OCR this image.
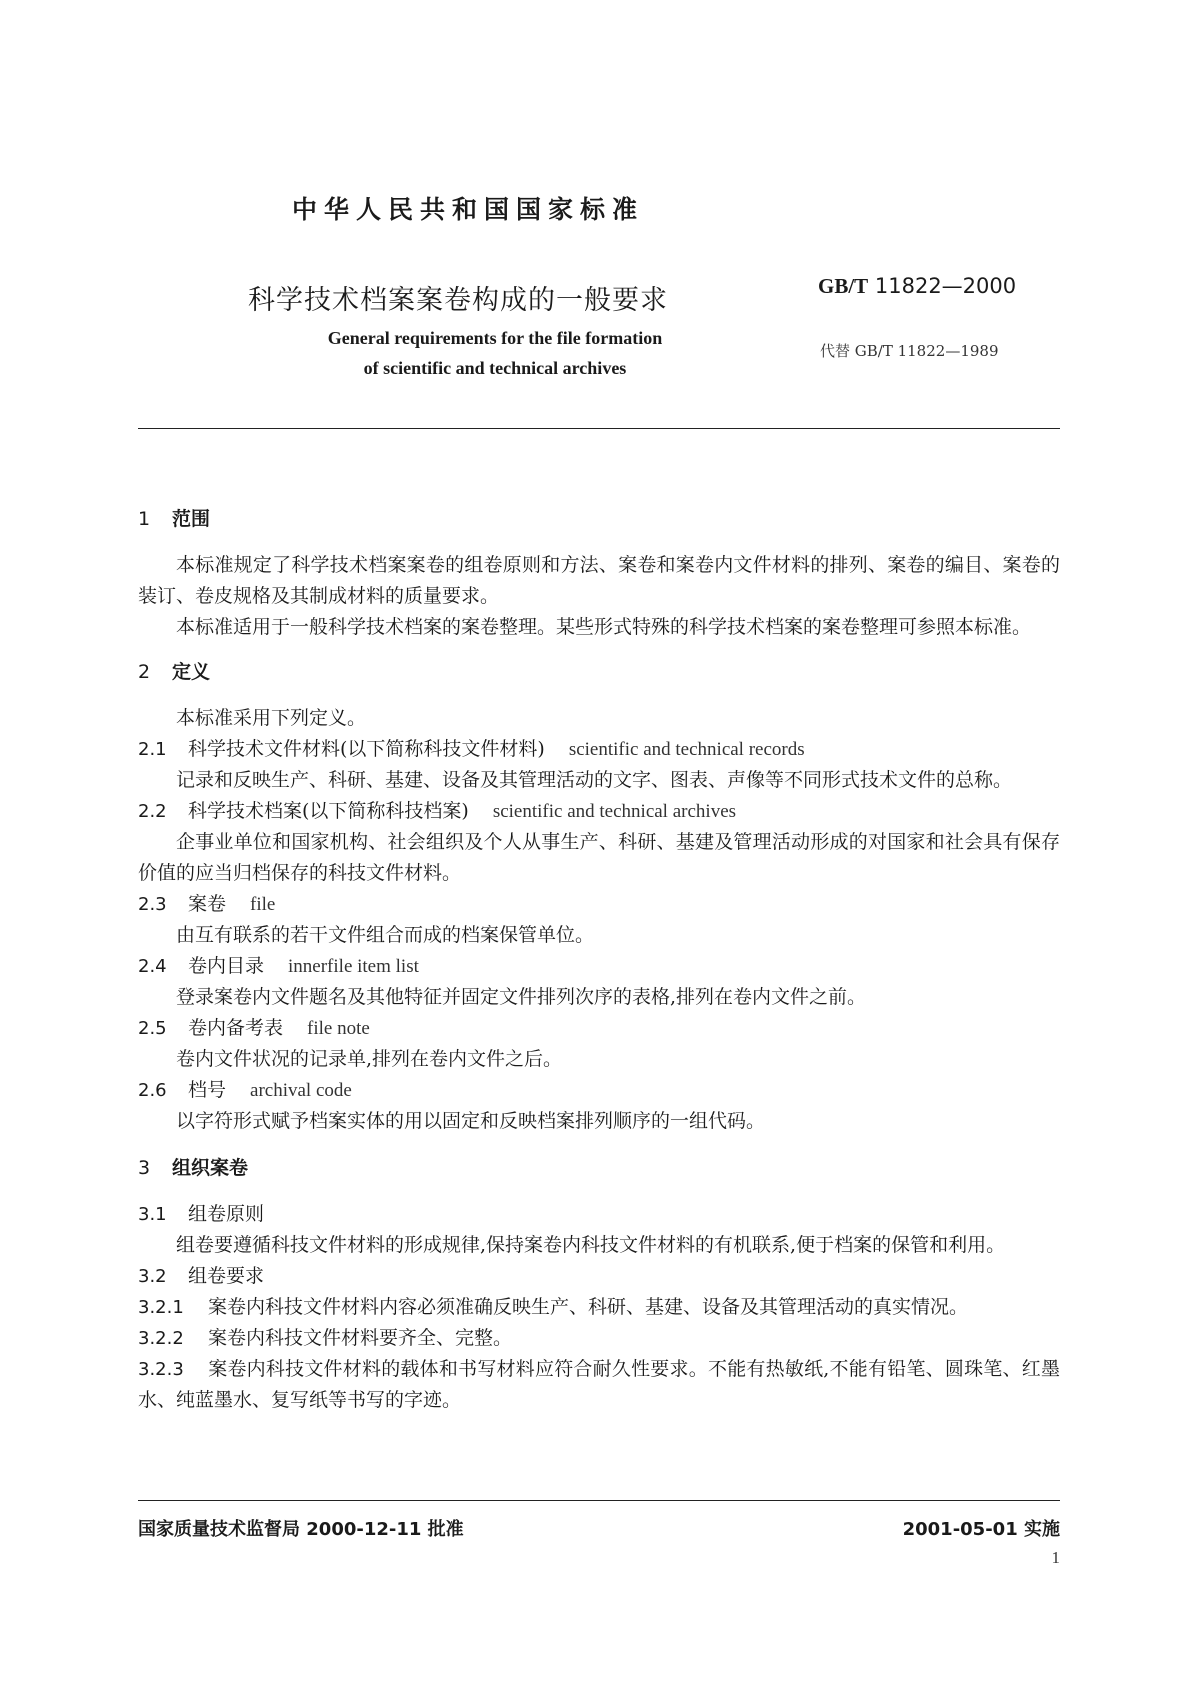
中华人民共和国国家标准
科学技术档案案卷构成的一般要求	GB/T 11822—2000
General requirements for the file formation
of scientific and technical archives
代替 GB/T 11822—1989
1 范围
本标准规定了科学技术档案案卷的组卷原则和方法、案卷和案卷内文件材料的排列、案卷的编目、案卷的装订、卷皮规格及其制成材料的质量要求。
本标准适用于一般科学技术档案的案卷整理。某些形式特殊的科学技术档案的案卷整理可参照本标准。
2 定义
本标准采用下列定义。
2.1 科学技术文件材料(以下简称科技文件材料) scientific and technical records
记录和反映生产、科研、基建、设备及其管理活动的文字、图表、声像等不同形式技术文件的总称。
2.2 科学技术档案(以下简称科技档案) scientific and technical archives
企事业单位和国家机构、社会组织及个人从事生产、科研、基建及管理活动形成的对国家和社会具有保存价值的应当归档保存的科技文件材料。
2.3 案卷 file
由互有联系的若干文件组合而成的档案保管单位。
2.4 卷内目录 innerfile item list
登录案卷内文件题名及其他特征并固定文件排列次序的表格,排列在卷内文件之前。
2.5 卷内备考表 file note
卷内文件状况的记录单,排列在卷内文件之后。
2.6 档号 archival code
以字符形式赋予档案实体的用以固定和反映档案排列顺序的一组代码。
3 组织案卷
3.1 组卷原则
组卷要遵循科技文件材料的形成规律,保持案卷内科技文件材料的有机联系,便于档案的保管和利用。
3.2 组卷要求
3.2.1 案卷内科技文件材料内容必须准确反映生产、科研、基建、设备及其管理活动的真实情况。
3.2.2 案卷内科技文件材料要齐全、完整。
3.2.3 案卷内科技文件材料的载体和书写材料应符合耐久性要求。不能有热敏纸,不能有铅笔、圆珠笔、红墨水、纯蓝墨水、复写纸等书写的字迹。
国家质量技术监督局 2000-12-11 批准	2001-05-01 实施
1
